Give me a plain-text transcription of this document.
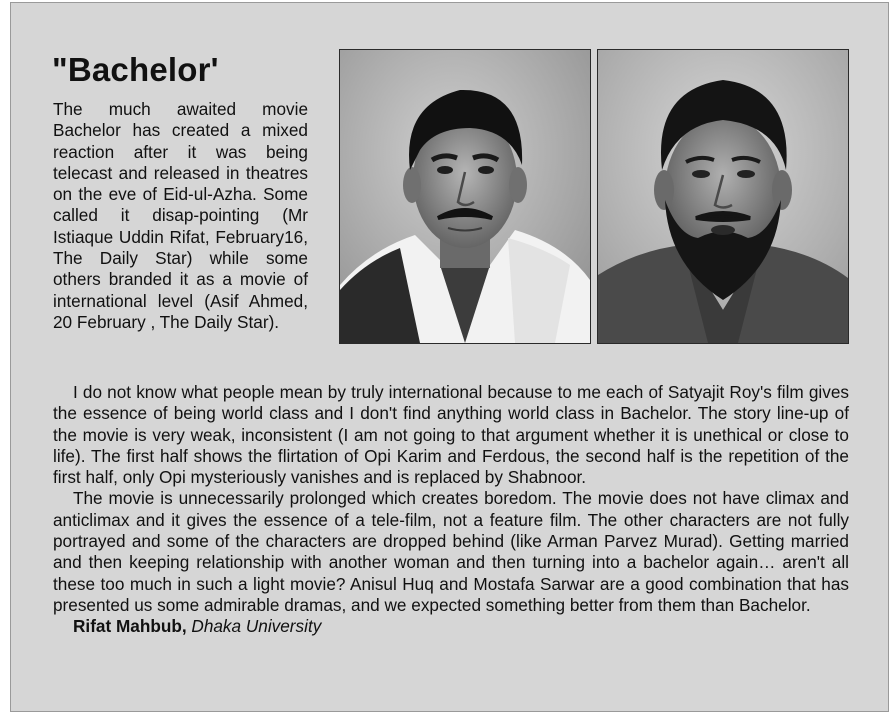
"Bachelor'

The much awaited movie Bachelor has created a mixed reaction after it was being telecast and released in theatres on the eve of Eid-ul-Azha. Some called it disap-pointing (Mr Istiaque Uddin Rifat, February16, The Daily Star) while some others branded it as a movie of international level (Asif Ahmed, 20 February , The Daily Star).

I do not know what people mean by truly international because to me each of Satyajit Roy's film gives the essence of being world class and I don't find anything world class in Bachelor. The story line-up of the movie is very weak, inconsistent (I am not going to that argument whether it is unethical or close to life). The first half shows the flirtation of Opi Karim and Ferdous, the second half is the repetition of the first half, only Opi mysteriously vanishes and is replaced by Shabnoor.

The movie is unnecessarily prolonged which creates boredom. The movie does not have climax and anticlimax and it gives the essence of a tele-film, not a feature film. The other characters are not fully portrayed and some of the characters are dropped behind (like Arman Parvez Murad). Getting married and then keeping relationship with another woman and then turning into a bachelor again… aren't all these too much in such a light movie? Anisul Huq and Mostafa Sarwar are a good combination that has presented us some admirable dramas, and we expected something better from them than Bachelor.

Rifat Mahbub, Dhaka University
